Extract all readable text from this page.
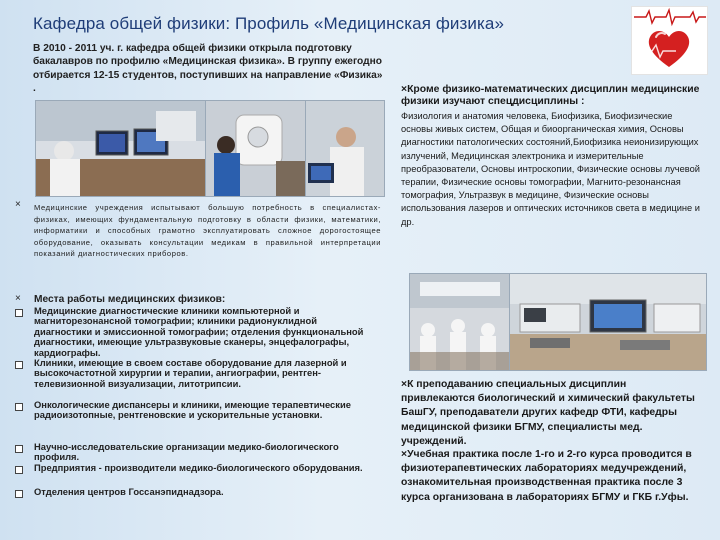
Кафедра общей физики: Профиль «Медицинская физика»
В 2010 - 2011 уч. г. кафедра общей физики открыла подготовку бакалавров по профилю «Медицинская физика». В группу ежегодно отбирается 12-15 студентов, поступивших на направление «Физика» .
× Медицинские учреждения испытывают большую потребность в специалистах-физиках, имеющих фундаментальную подготовку в области физики, математики, информатики и способных грамотно эксплуатировать сложное дорогостоящее оборудование, оказывать консультации медикам в правильной интерпретации показаний диагностических приборов.
× Места работы медицинских физиков:
Медицинские диагностические клиники компьютерной и магниторезонансной томографии; клиники радионуклидной диагностики и эмиссионной томографии; отделения функциональной диагностики, имеющие ультразвуковые сканеры, энцефалографы, кардиографы.
Клиники, имеющие в своем составе оборудование для лазерной и высокочастотной хирургии и терапии, ангиографии, рентген-телевизионной визуализации, литотрипсии.
Онкологические диспансеры и клиники, имеющие терапевтические радиоизотопные, рентгеновские и ускорительные установки.
Научно-исследовательские организации медико-биологического профиля.
Предприятия - производители медико-биологического оборудования.
Отделения центров Госсанэпиднадзора.
×Кроме физико-математических дисциплин медицинские физики изучают спецдисциплины :
Физиология и анатомия человека, Биофизика, Биофизические основы живых систем, Общая и биоорганическая химия, Основы диагностики патологических состояний,Биофизика неионизирующих излучений, Медицинская электроника и измерительные преобразователи, Основы интроскопии, Физические основы лучевой терапии, Физические основы томографии, Магнито-резонансная томография, Ультразвук в медицине, Физические основы использования лазеров и оптических источников света в медицине и др.
×К преподаванию специальных дисциплин привлекаются биологический и химический факультеты БашГУ, преподаватели других кафедр ФТИ, кафедры медицинской физики БГМУ, специалисты мед. учреждений.
×Учебная практика после 1-го и 2-го курса проводится в физиотерапевтических лабораториях медучреждений, ознакомительная производственная практика после 3 курса организована в лабораториях БГМУ и ГКБ г.Уфы.
